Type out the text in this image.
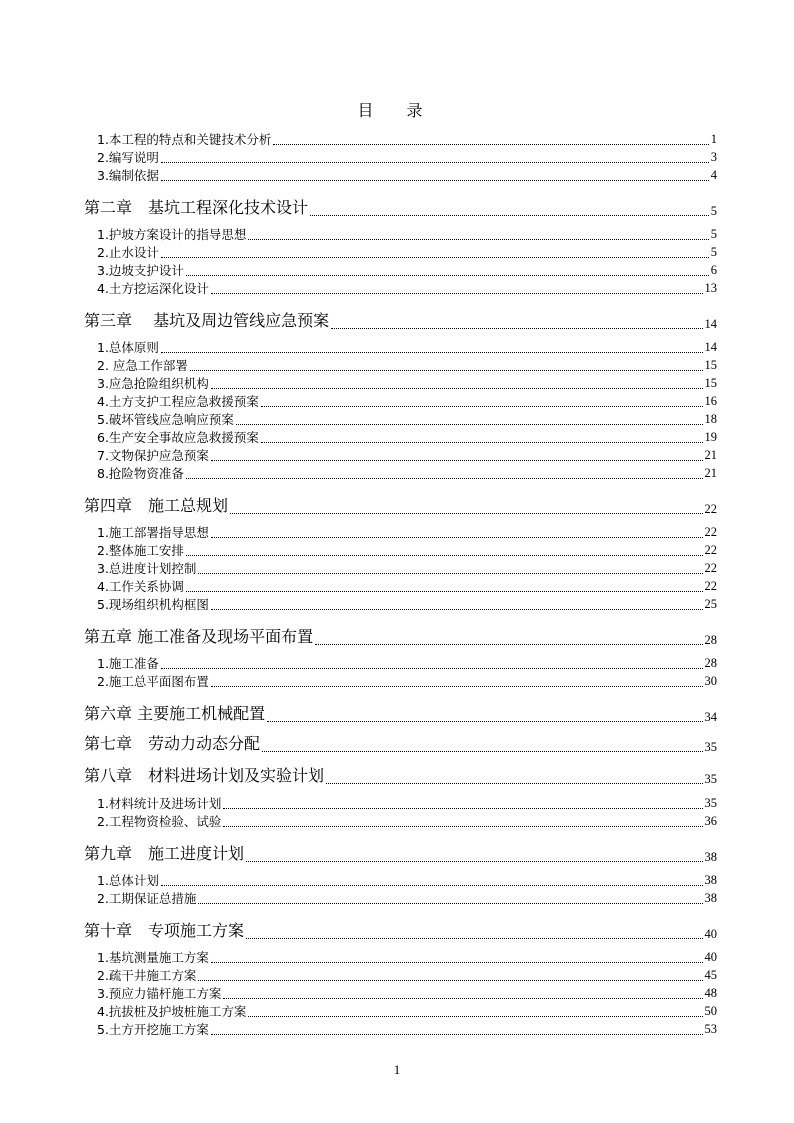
目 录
1.本工程的特点和关键技术分析	1
2.编写说明	3
3.编制依据	4
第二章　基坑工程深化技术设计	5
1.护坡方案设计的指导思想	5
2.止水设计	5
3.边坡支护设计	6
4.土方挖运深化设计	13
第三章　 基坑及周边管线应急预案	14
1.总体原则	14
2. 应急工作部署	15
3.应急抢险组织机构	15
4.土方支护工程应急救援预案	16
5.破坏管线应急响应预案	18
6.生产安全事故应急救援预案	19
7.文物保护应急预案	21
8.抢险物资准备	21
第四章　施工总规划	22
1.施工部署指导思想	22
2.整体施工安排	22
3.总进度计划控制	22
4.工作关系协调	22
5.现场组织机构框图	25
第五章 施工准备及现场平面布置	28
1.施工准备	28
2.施工总平面图布置	30
第六章 主要施工机械配置	34
第七章　劳动力动态分配	35
第八章　材料进场计划及实验计划	35
1.材料统计及进场计划	35
2.工程物资检验、试验	36
第九章　施工进度计划	38
1.总体计划	38
2.工期保证总措施	38
第十章　专项施工方案	40
1.基坑测量施工方案	40
2.疏干井施工方案	45
3.预应力锚杆施工方案	48
4.抗拔桩及护坡桩施工方案	50
5.土方开挖施工方案	53
1
